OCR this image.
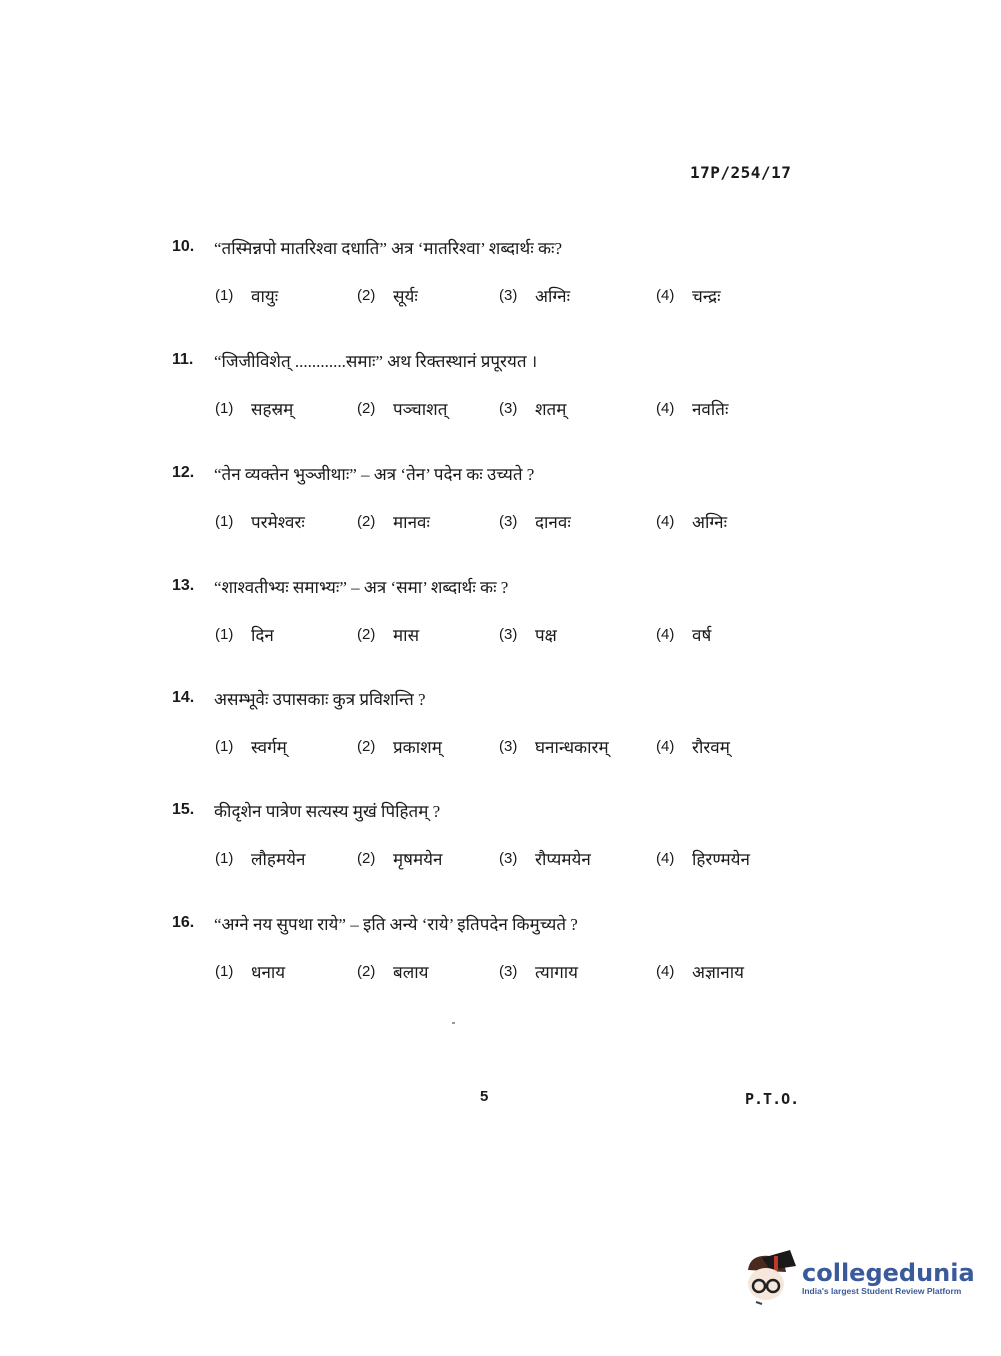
17P/254/17
10.	“तस्मिन्नपो मातरिश्वा दधाति” अत्र ‘मातरिश्वा’ शब्दार्थः कः?
(1)	वायुः	(2)	सूर्यः	(3)	अग्निः	(4)	चन्द्रः
11.	“जिजीविशेत् ............समाः” अथ रिक्तस्थानं प्रपूरयत ।
(1)	सहस्रम्	(2)	पञ्चाशत्	(3)	शतम्	(4)	नवतिः
12.	“तेन व्यक्तेन भुञ्जीथाः” – अत्र ‘तेन’ पदेन कः उच्यते ?
(1)	परमेश्वरः	(2)	मानवः	(3)	दानवः	(4)	अग्निः
13.	“शाश्वतीभ्यः समाभ्यः” – अत्र ‘समा’ शब्दार्थः कः ?
(1)	दिन	(2)	मास	(3)	पक्ष	(4)	वर्ष
14.	असम्भूवेः उपासकाः कुत्र प्रविशन्ति ?
(1)	स्वर्गम्	(2)	प्रकाशम्	(3)	घनान्धकारम्	(4)	रौरवम्
15.	कीदृशेन पात्रेण सत्यस्य मुखं पिहितम् ?
(1)	लौहमयेन	(2)	मृषमयेन	(3)	रौप्यमयेन	(4)	हिरण्मयेन
16.	“अग्ने नय सुपथा राये” – इति अन्ये ‘राये’ इतिपदेन किमुच्यते ?
(1)	धनाय	(2)	बलाय	(3)	त्यागाय	(4)	अज्ञानाय
5	P.T.O.
collegedunia
India's largest Student Review Platform
